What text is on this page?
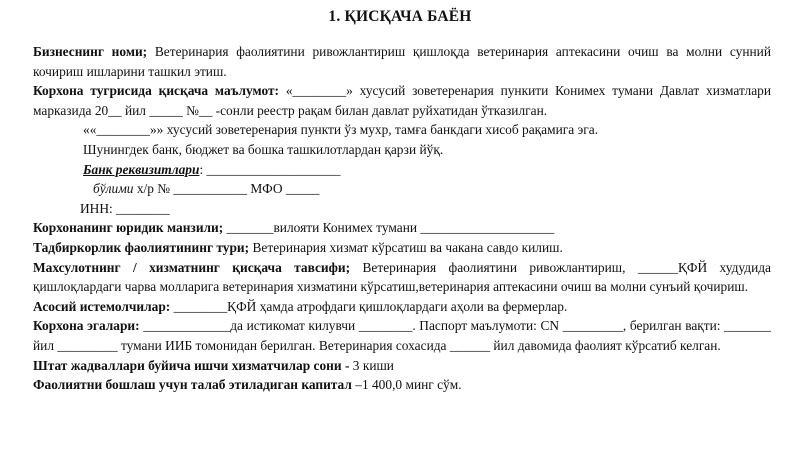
1. ҚИСҚАЧА БАЁН

Бизнеснинг номи; Ветеринария фаолиятини ривожлантириш қишлоқда ветеринария аптекасини очиш ва молни сунний кочириш ишларини ташкил этиш.

Корхона тугрисида қисқача маълумот: «________» хусусий зоветеренария пункити Конимех тумани Давлат хизматлари марказида 20__ йил _____ №__ -сонли реестр рақам билан давлат руйхатидан ўтказилган.

««________»» хусусий зоветеренария пункти ўз мухр, тамға банкдаги хисоб рақамига эга.

Шунингдек банк, бюджет ва бошка ташкилотлардан қарзи йўқ.

Банк реквизитлари: ____________________

бўлими х/р № ___________ МФО _____

ИНН: ________

Корхонанинг юридик манзили; _______вилояти Конимех тумани ____________________

Тадбиркорлик фаолиятининг тури; Ветеринария хизмат кўрсатиш ва чакана савдо килиш.

Махсулотнинг / хизматнинг қисқача тавсифи; Ветеринария фаолиятини ривожлантириш, ______ҚФЙ худудида қишлоқлардаги чарва молларига ветеринария хизматини кўрсатиш,ветеринария аптекасини очиш ва молни сунъий қочириш.

Асосий истемолчилар: ________ҚФЙ ҳамда атрофдаги қишлоқлардаги аҳоли ва фермерлар.

Корхона эгалари: _____________да истикомат килувчи ________. Паспорт маълумоти: CN _________, берилган вақти: _______ йил _________ тумани ИИБ томонидан берилган. Ветеринария сохасида ______ йил давомида фаолият кўрсатиб келган.

Штат жадваллари буйича ишчи хизматчилар сони - 3 киши

Фаолиятни бошлаш учун талаб этиладиган капитал –1 400,0 минг сўм.
